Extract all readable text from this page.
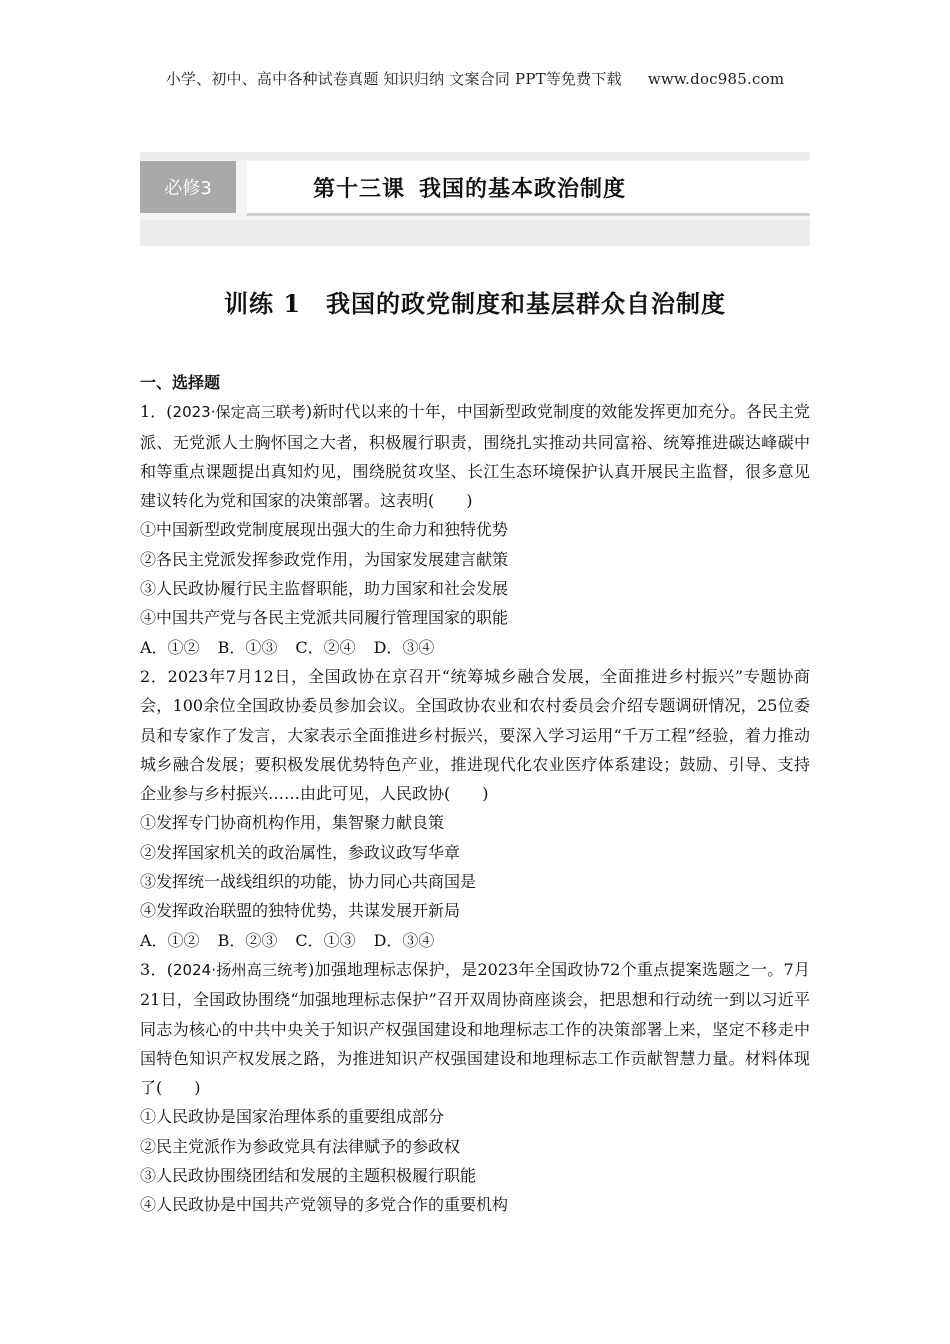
小学、初中、高中各种试卷真题 知识归纳 文案合同 PPT等免费下载 www.doc985.com
必修3	第十三课 我国的基本政治制度
训练 1　我国的政党制度和基层群众自治制度

一、选择题

1．(2023·保定高三联考)新时代以来的十年，中国新型政党制度的效能发挥更加充分。各民主党派、无党派人士胸怀国之大者，积极履行职责，围绕扎实推动共同富裕、统筹推进碳达峰碳中和等重点课题提出真知灼见，围绕脱贫攻坚、长江生态环境保护认真开展民主监督，很多意见建议转化为党和国家的决策部署。这表明(　　)

①中国新型政党制度展现出强大的生命力和独特优势

②各民主党派发挥参政党作用，为国家发展建言献策

③人民政协履行民主监督职能，助力国家和社会发展

④中国共产党与各民主党派共同履行管理国家的职能

A．①② B．①③ C．②④ D．③④

2．2023年7月12日，全国政协在京召开“统筹城乡融合发展，全面推进乡村振兴”专题协商会，100余位全国政协委员参加会议。全国政协农业和农村委员会介绍专题调研情况，25位委员和专家作了发言，大家表示全面推进乡村振兴，要深入学习运用“千万工程”经验，着力推动城乡融合发展；要积极发展优势特色产业，推进现代化农业医疗体系建设；鼓励、引导、支持企业参与乡村振兴……由此可见，人民政协(　　)

①发挥专门协商机构作用，集智聚力献良策

②发挥国家机关的政治属性，参政议政写华章

③发挥统一战线组织的功能，协力同心共商国是

④发挥政治联盟的独特优势，共谋发展开新局

A．①② B．②③ C．①③ D．③④

3．(2024·扬州高三统考)加强地理标志保护，是2023年全国政协72个重点提案选题之一。7月21日，全国政协围绕“加强地理标志保护”召开双周协商座谈会，把思想和行动统一到以习近平同志为核心的中共中央关于知识产权强国建设和地理标志工作的决策部署上来，坚定不移走中国特色知识产权发展之路，为推进知识产权强国建设和地理标志工作贡献智慧力量。材料体现了(　　)

①人民政协是国家治理体系的重要组成部分

②民主党派作为参政党具有法律赋予的参政权

③人民政协围绕团结和发展的主题积极履行职能

④人民政协是中国共产党领导的多党合作的重要机构
